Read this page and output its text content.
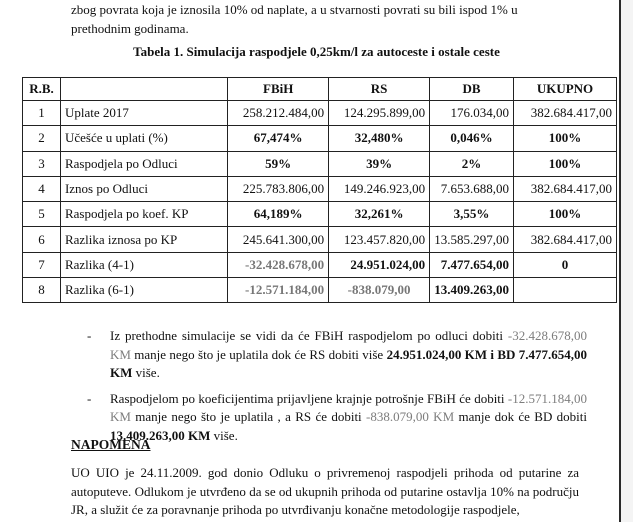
zbog povrata koja je iznosila 10% od naplate, a u stvarnosti povrati su bili ispod 1% u

prethodnim godinama.
Tabela 1. Simulacija raspodjele 0,25km/l za autoceste i ostale ceste
R.B.		FBiH	RS	DB	UKUPNO
1	Uplate 2017	258.212.484,00	124.295.899,00	176.034,00	382.684.417,00
2	Učešće u uplati (%)	67,474%	32,480%	0,046%	100%
3	Raspodjela po Odluci	59%	39%	2%	100%
4	Iznos po Odluci	225.783.806,00	149.246.923,00	7.653.688,00	382.684.417,00
5	Raspodjela po koef. KP	64,189%	32,261%	3,55%	100%
6	Razlika iznosa po KP	245.641.300,00	123.457.820,00	13.585.297,00	382.684.417,00
7	Razlika (4-1)	-32.428.678,00	24.951.024,00	7.477.654,00	0
8	Razlika (6-1)	-12.571.184,00	-838.079,00	13.409.263,00	
- Iz prethodne simulacije se vidi da će FBiH raspodjelom po odluci dobiti -32.428.678,00 KM manje nego što je uplatila dok će RS dobiti više 24.951.024,00 KM i BD 7.477.654,00 KM više.
- Raspodjelom po koeficijentima prijavljene krajnje potrošnje FBiH će dobiti -12.571.184,00 KM manje nego što je uplatila , a RS će dobiti -838.079,00 KM manje dok će BD dobiti 13.409.263,00 KM više.
NAPOMENA
UO UIO je 24.11.2009. god donio Odluku o privremenoj raspodjeli prihoda od putarine za autoputeve. Odlukom je utvrđeno da se od ukupnih prihoda od putarine ostavlja 10% na području JR, a služit će za poravnanje prihoda po utvrđivanju konačne metodologije raspodjele,
